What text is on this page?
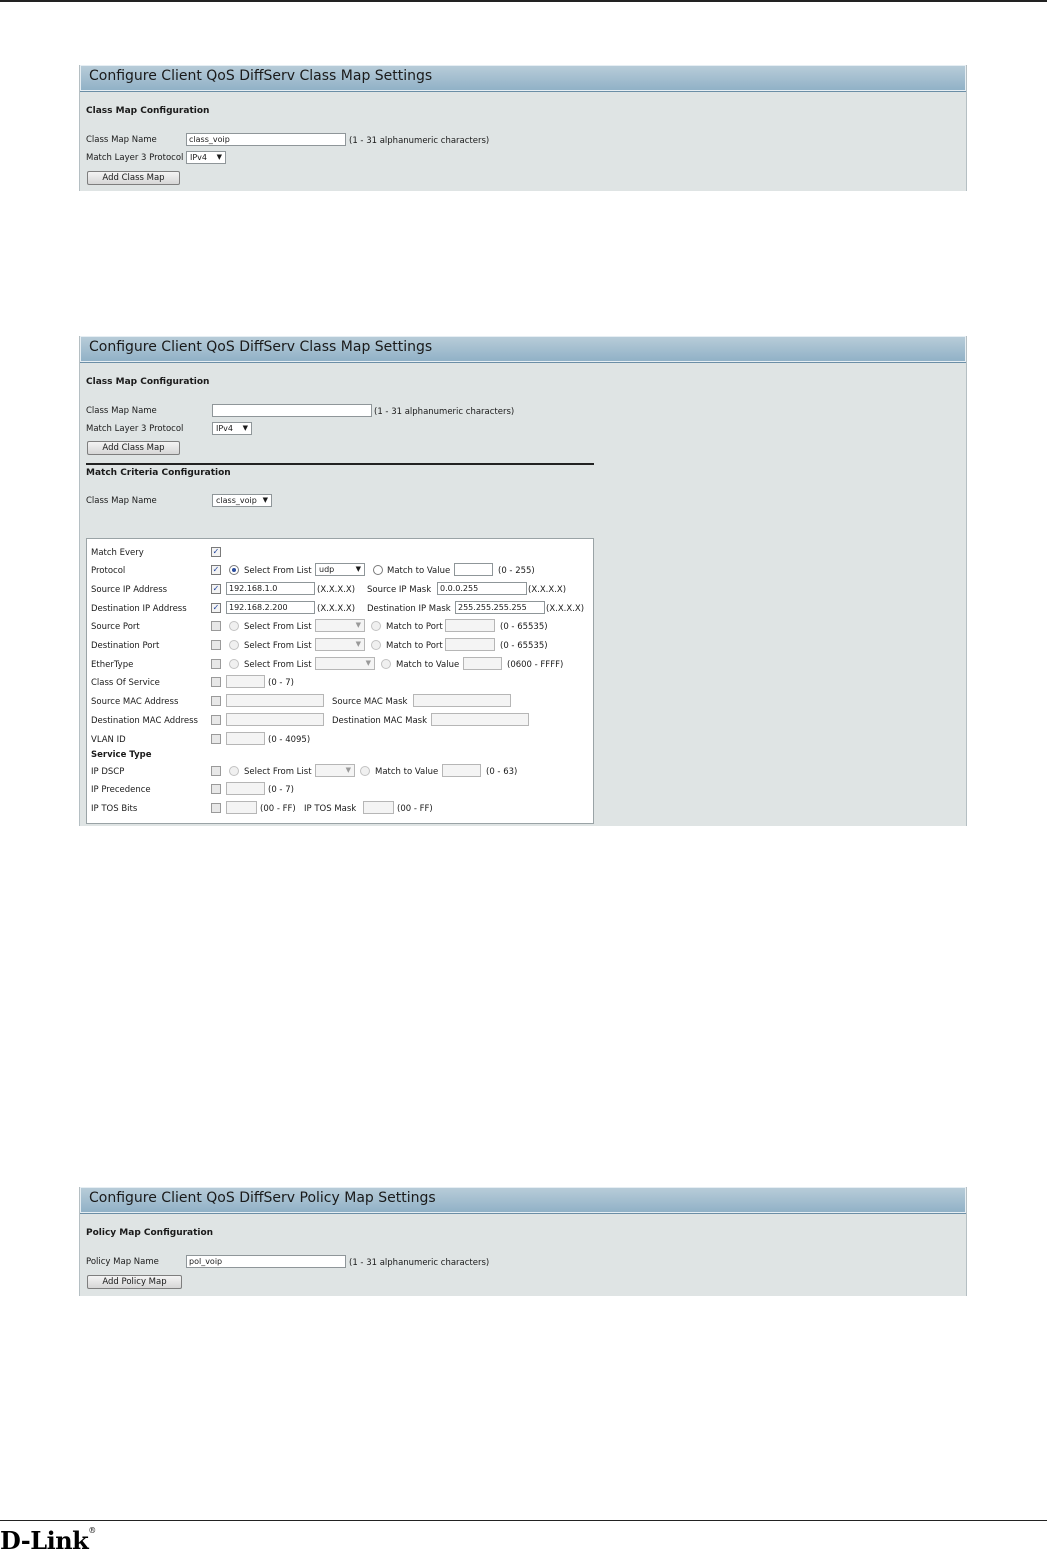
Configure Client QoS DiffServ Class Map Settings
Class Map Configuration
Class Map Name	class_voip	(1 - 31 alphanumeric characters)
Match Layer 3 Protocol IPv4 ▼
Add Class Map
Configure Client QoS DiffServ Class Map Settings
Class Map Configuration
Class Map Name	(1 - 31 alphanumeric characters)
Match Layer 3 Protocol	IPv4 ▼
Add Class Map
Match Criteria Configuration
Class Map Name	class_voip ▼
Match Every	✓
Protocol	✓	Select From List udp	▼	Match to Value	(0 - 255)
Source IP Address	✓	192.168.1.0	(X.X.X.X) Source IP Mask	0.0.0.255	(X.X.X.X)
Destination IP Address	✓	192.168.2.200	(X.X.X.X) Destination IP Mask 255.255.255.255	(X.X.X.X)
Source Port	Select From List	▼	Match to Port	(0 - 65535)
Destination Port	Select From List	▼	Match to Port	(0 - 65535)
EtherType	Select From List	▼	Match to Value	(0600 - FFFF)
Class Of Service	(0 - 7)
Source MAC Address	Source MAC Mask
Destination MAC Address	Destination MAC Mask
VLAN ID	(0 - 4095)
Service Type
IP DSCP	Select From List	▼	Match to Value	(0 - 63)
IP Precedence	(0 - 7)
IP TOS Bits	(00 - FF) IP TOS Mask	(00 - FF)
Configure Client QoS DiffServ Policy Map Settings
Policy Map Configuration
Policy Map Name	pol_voip	(1 - 31 alphanumeric characters)
Add Policy Map
D-Link®
